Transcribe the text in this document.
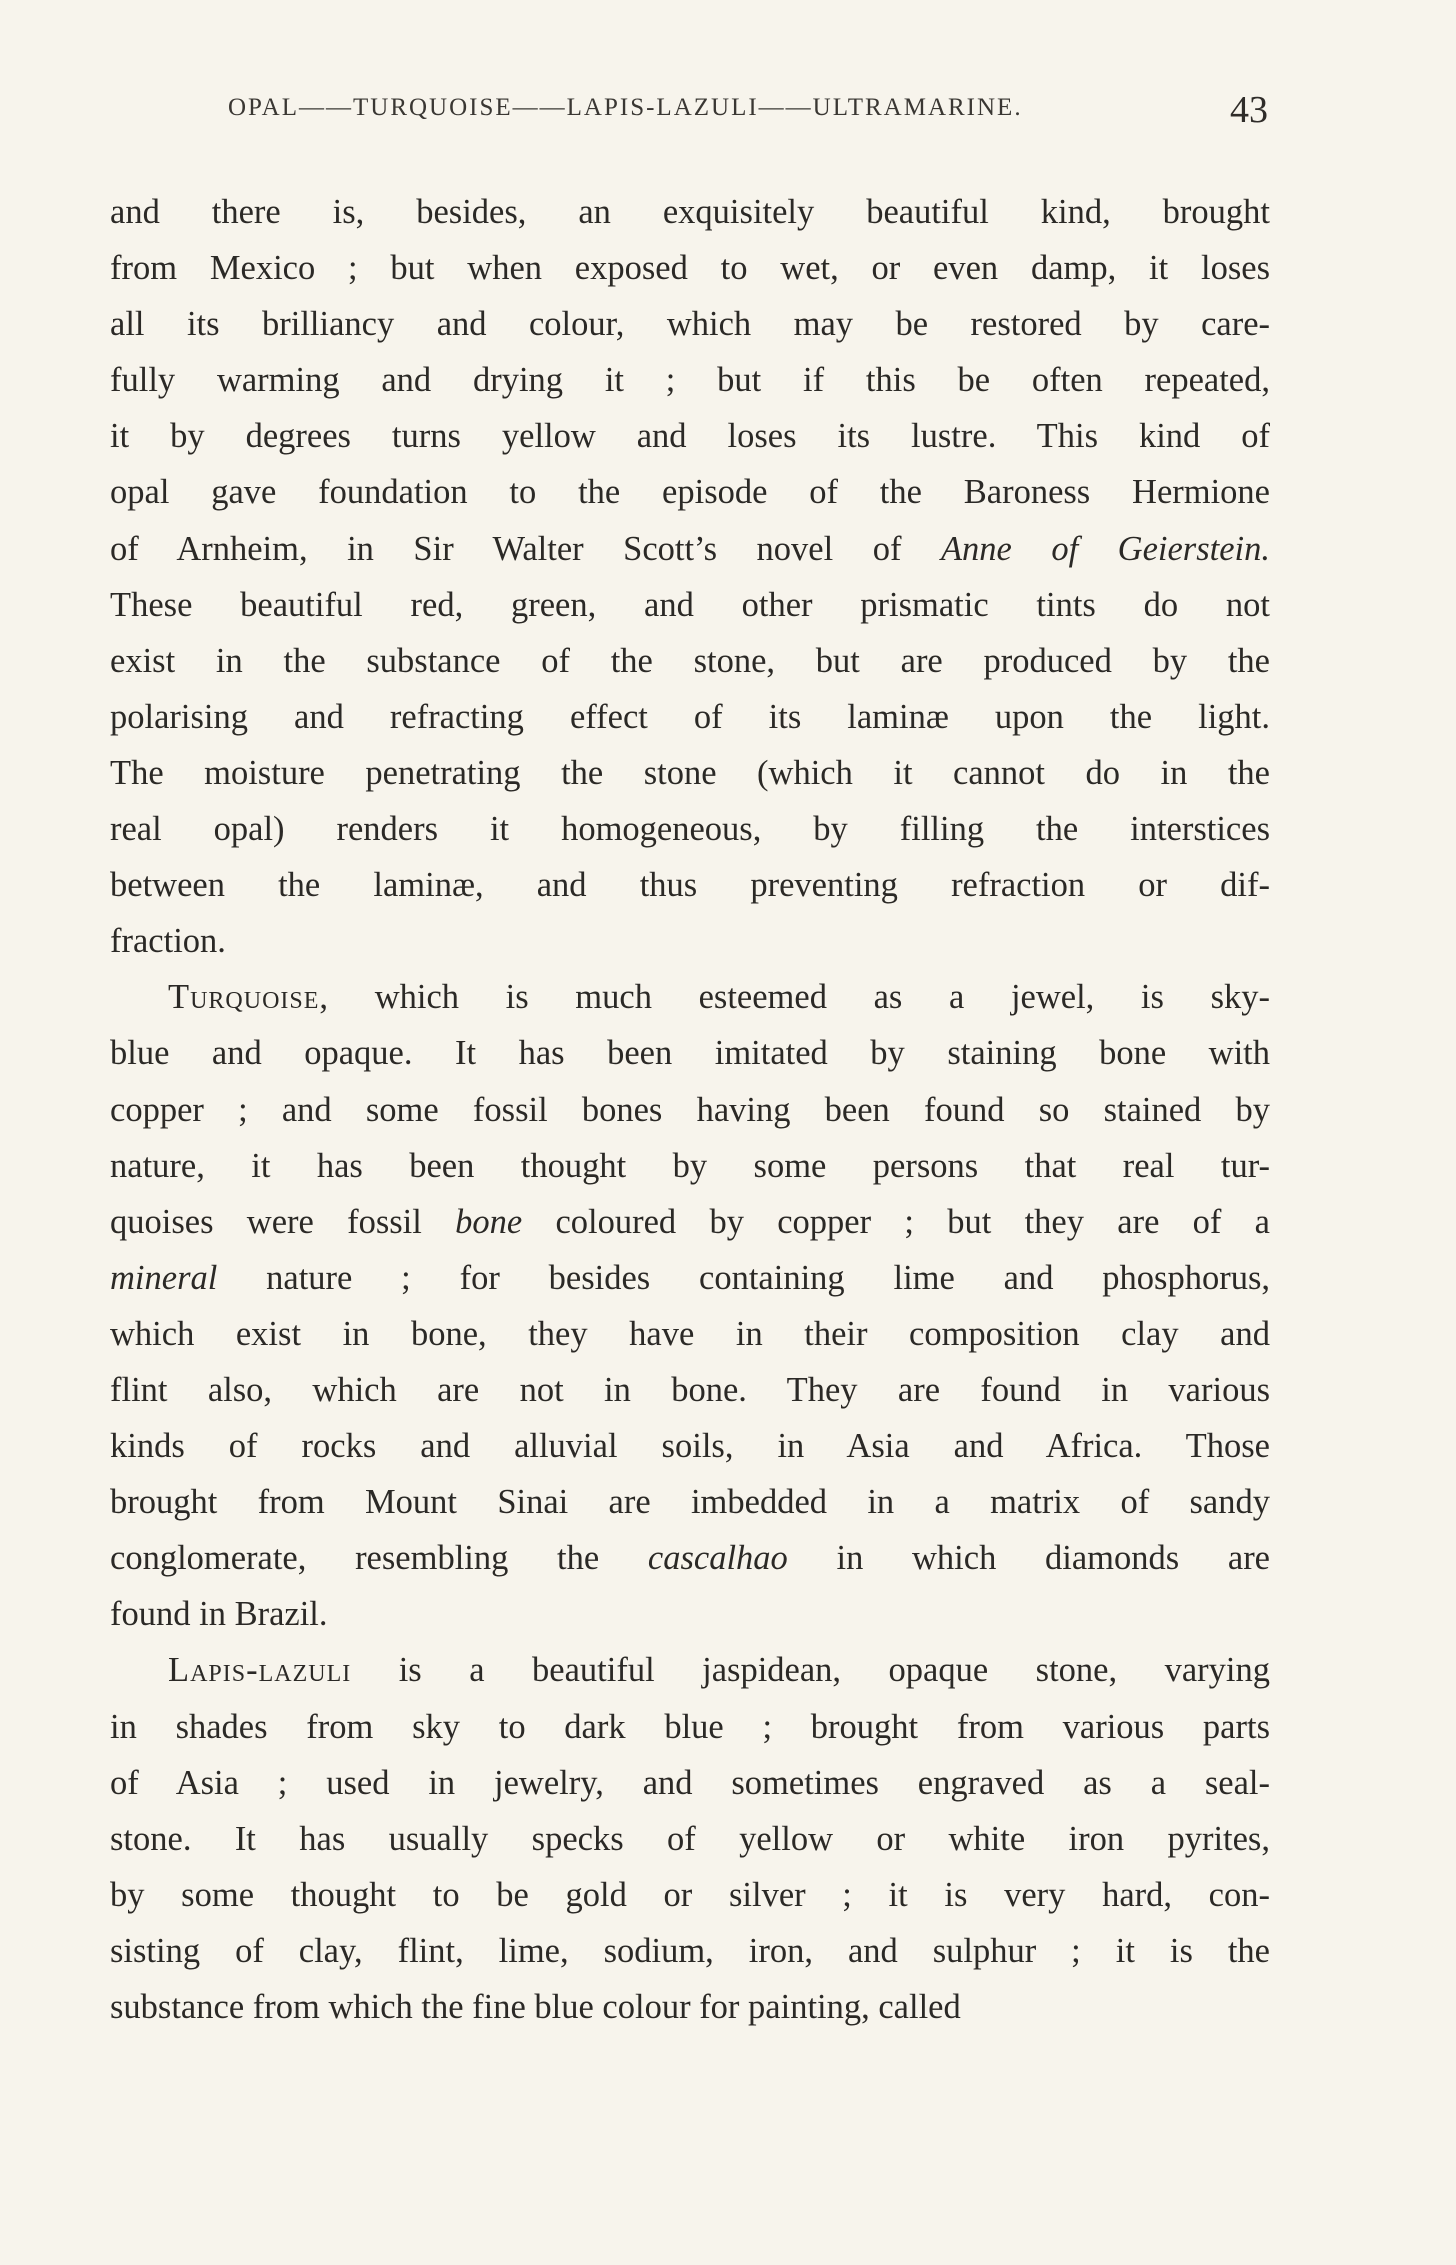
OPAL——TURQUOISE——LAPIS-LAZULI——ULTRAMARINE.	43
and there is, besides, an exquisitely beautiful kind, brought
from Mexico ; but when exposed to wet, or even damp, it loses
all its brilliancy and colour, which may be restored by care-
fully warming and drying it ; but if this be often repeated,
it by degrees turns yellow and loses its lustre. This kind of
opal gave foundation to the episode of the Baroness Hermione
of Arnheim, in Sir Walter Scott’s novel of Anne of Geierstein.
These beautiful red, green, and other prismatic tints do not
exist in the substance of the stone, but are produced by the
polarising and refracting effect of its laminæ upon the light.
The moisture penetrating the stone (which it cannot do in the
real opal) renders it homogeneous, by filling the interstices
between the laminæ, and thus preventing refraction or dif-
fraction.
Turquoise, which is much esteemed as a jewel, is sky-
blue and opaque. It has been imitated by staining bone with
copper ; and some fossil bones having been found so stained by
nature, it has been thought by some persons that real tur-
quoises were fossil bone coloured by copper ; but they are of a
mineral nature ; for besides containing lime and phosphorus,
which exist in bone, they have in their composition clay and
flint also, which are not in bone. They are found in various
kinds of rocks and alluvial soils, in Asia and Africa. Those
brought from Mount Sinai are imbedded in a matrix of sandy
conglomerate, resembling the cascalhao in which diamonds are
found in Brazil.
Lapis-lazuli is a beautiful jaspidean, opaque stone, varying
in shades from sky to dark blue ; brought from various parts
of Asia ; used in jewelry, and sometimes engraved as a seal-
stone. It has usually specks of yellow or white iron pyrites,
by some thought to be gold or silver ; it is very hard, con-
sisting of clay, flint, lime, sodium, iron, and sulphur ; it is the
substance from which the fine blue colour for painting, called
